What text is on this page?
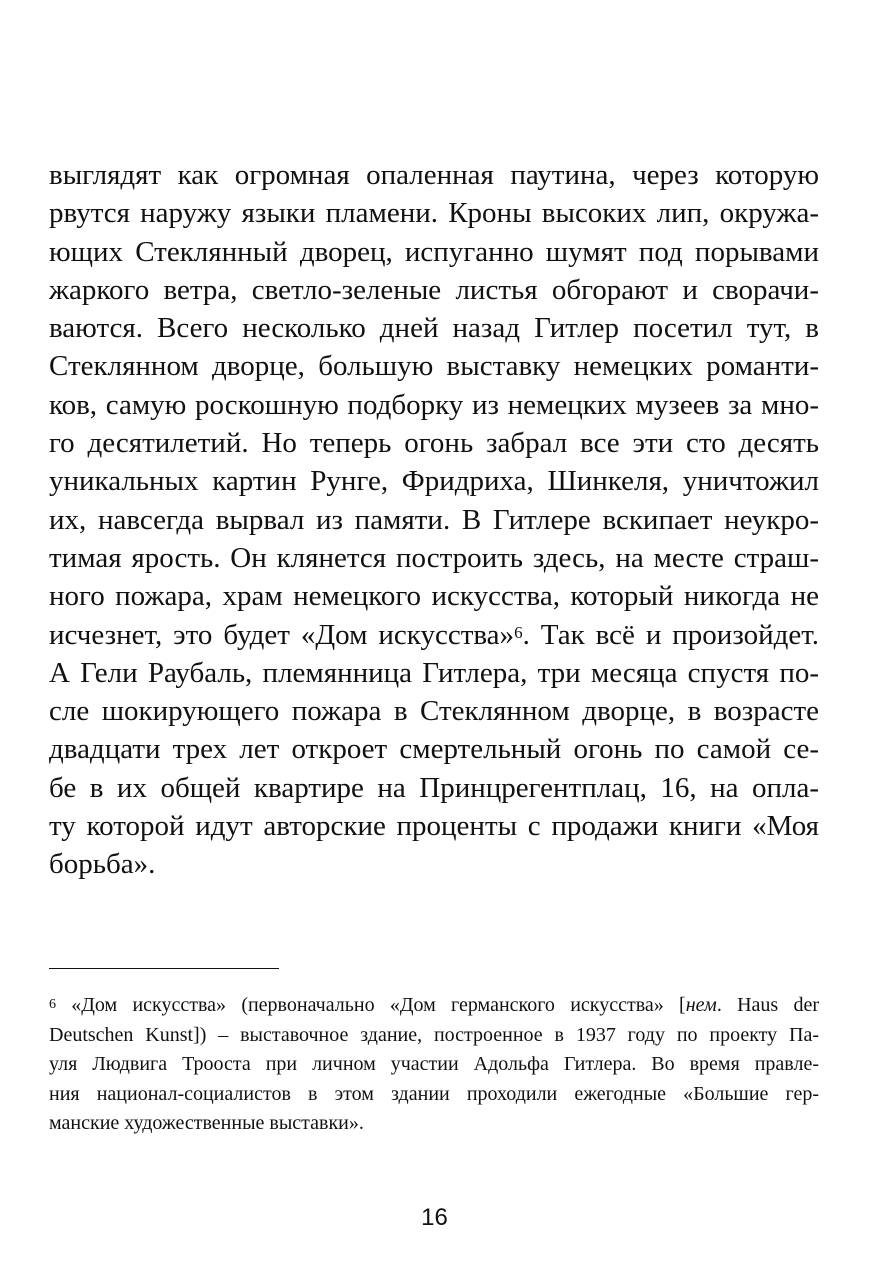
выглядят как огромная опаленная паутина, через которую
рвутся наружу языки пламени. Кроны высоких лип, окружа-
ющих Стеклянный дворец, испуганно шумят под порывами
жаркого ветра, светло-зеленые листья обгорают и сворачи-
ваются. Всего несколько дней назад Гитлер посетил тут, в
Стеклянном дворце, большую выставку немецких романти-
ков, самую роскошную подборку из немецких музеев за мно-
го десятилетий. Но теперь огонь забрал все эти сто десять
уникальных картин Рунге, Фридриха, Шинкеля, уничтожил
их, навсегда вырвал из памяти. В Гитлере вскипает неукро-
тимая ярость. Он клянется построить здесь, на месте страш-
ного пожара, храм немецкого искусства, который никогда не
исчезнет, это будет «Дом искусства»$^6$. Так всё и произойдет.
А Гели Раубаль, племянница Гитлера, три месяца спустя по-
сле шокирующего пожара в Стеклянном дворце, в возрасте
двадцати трех лет откроет смертельный огонь по самой се-
бе в их общей квартире на Принцрегентплац, 16, на опла-
ту которой идут авторские проценты с продажи книги «Моя
борьба».
$^6$ «Дом искусства» (первоначально «Дом германского искусства» [нем. Haus der
Deutschen Kunst]) – выставочное здание, построенное в 1937 году по проекту Па-
уля Людвига Трооста при личном участии Адольфа Гитлера. Во время правле-
ния национал-социалистов в этом здании проходили ежегодные «Большие гер-
манские художественные выставки».
16
